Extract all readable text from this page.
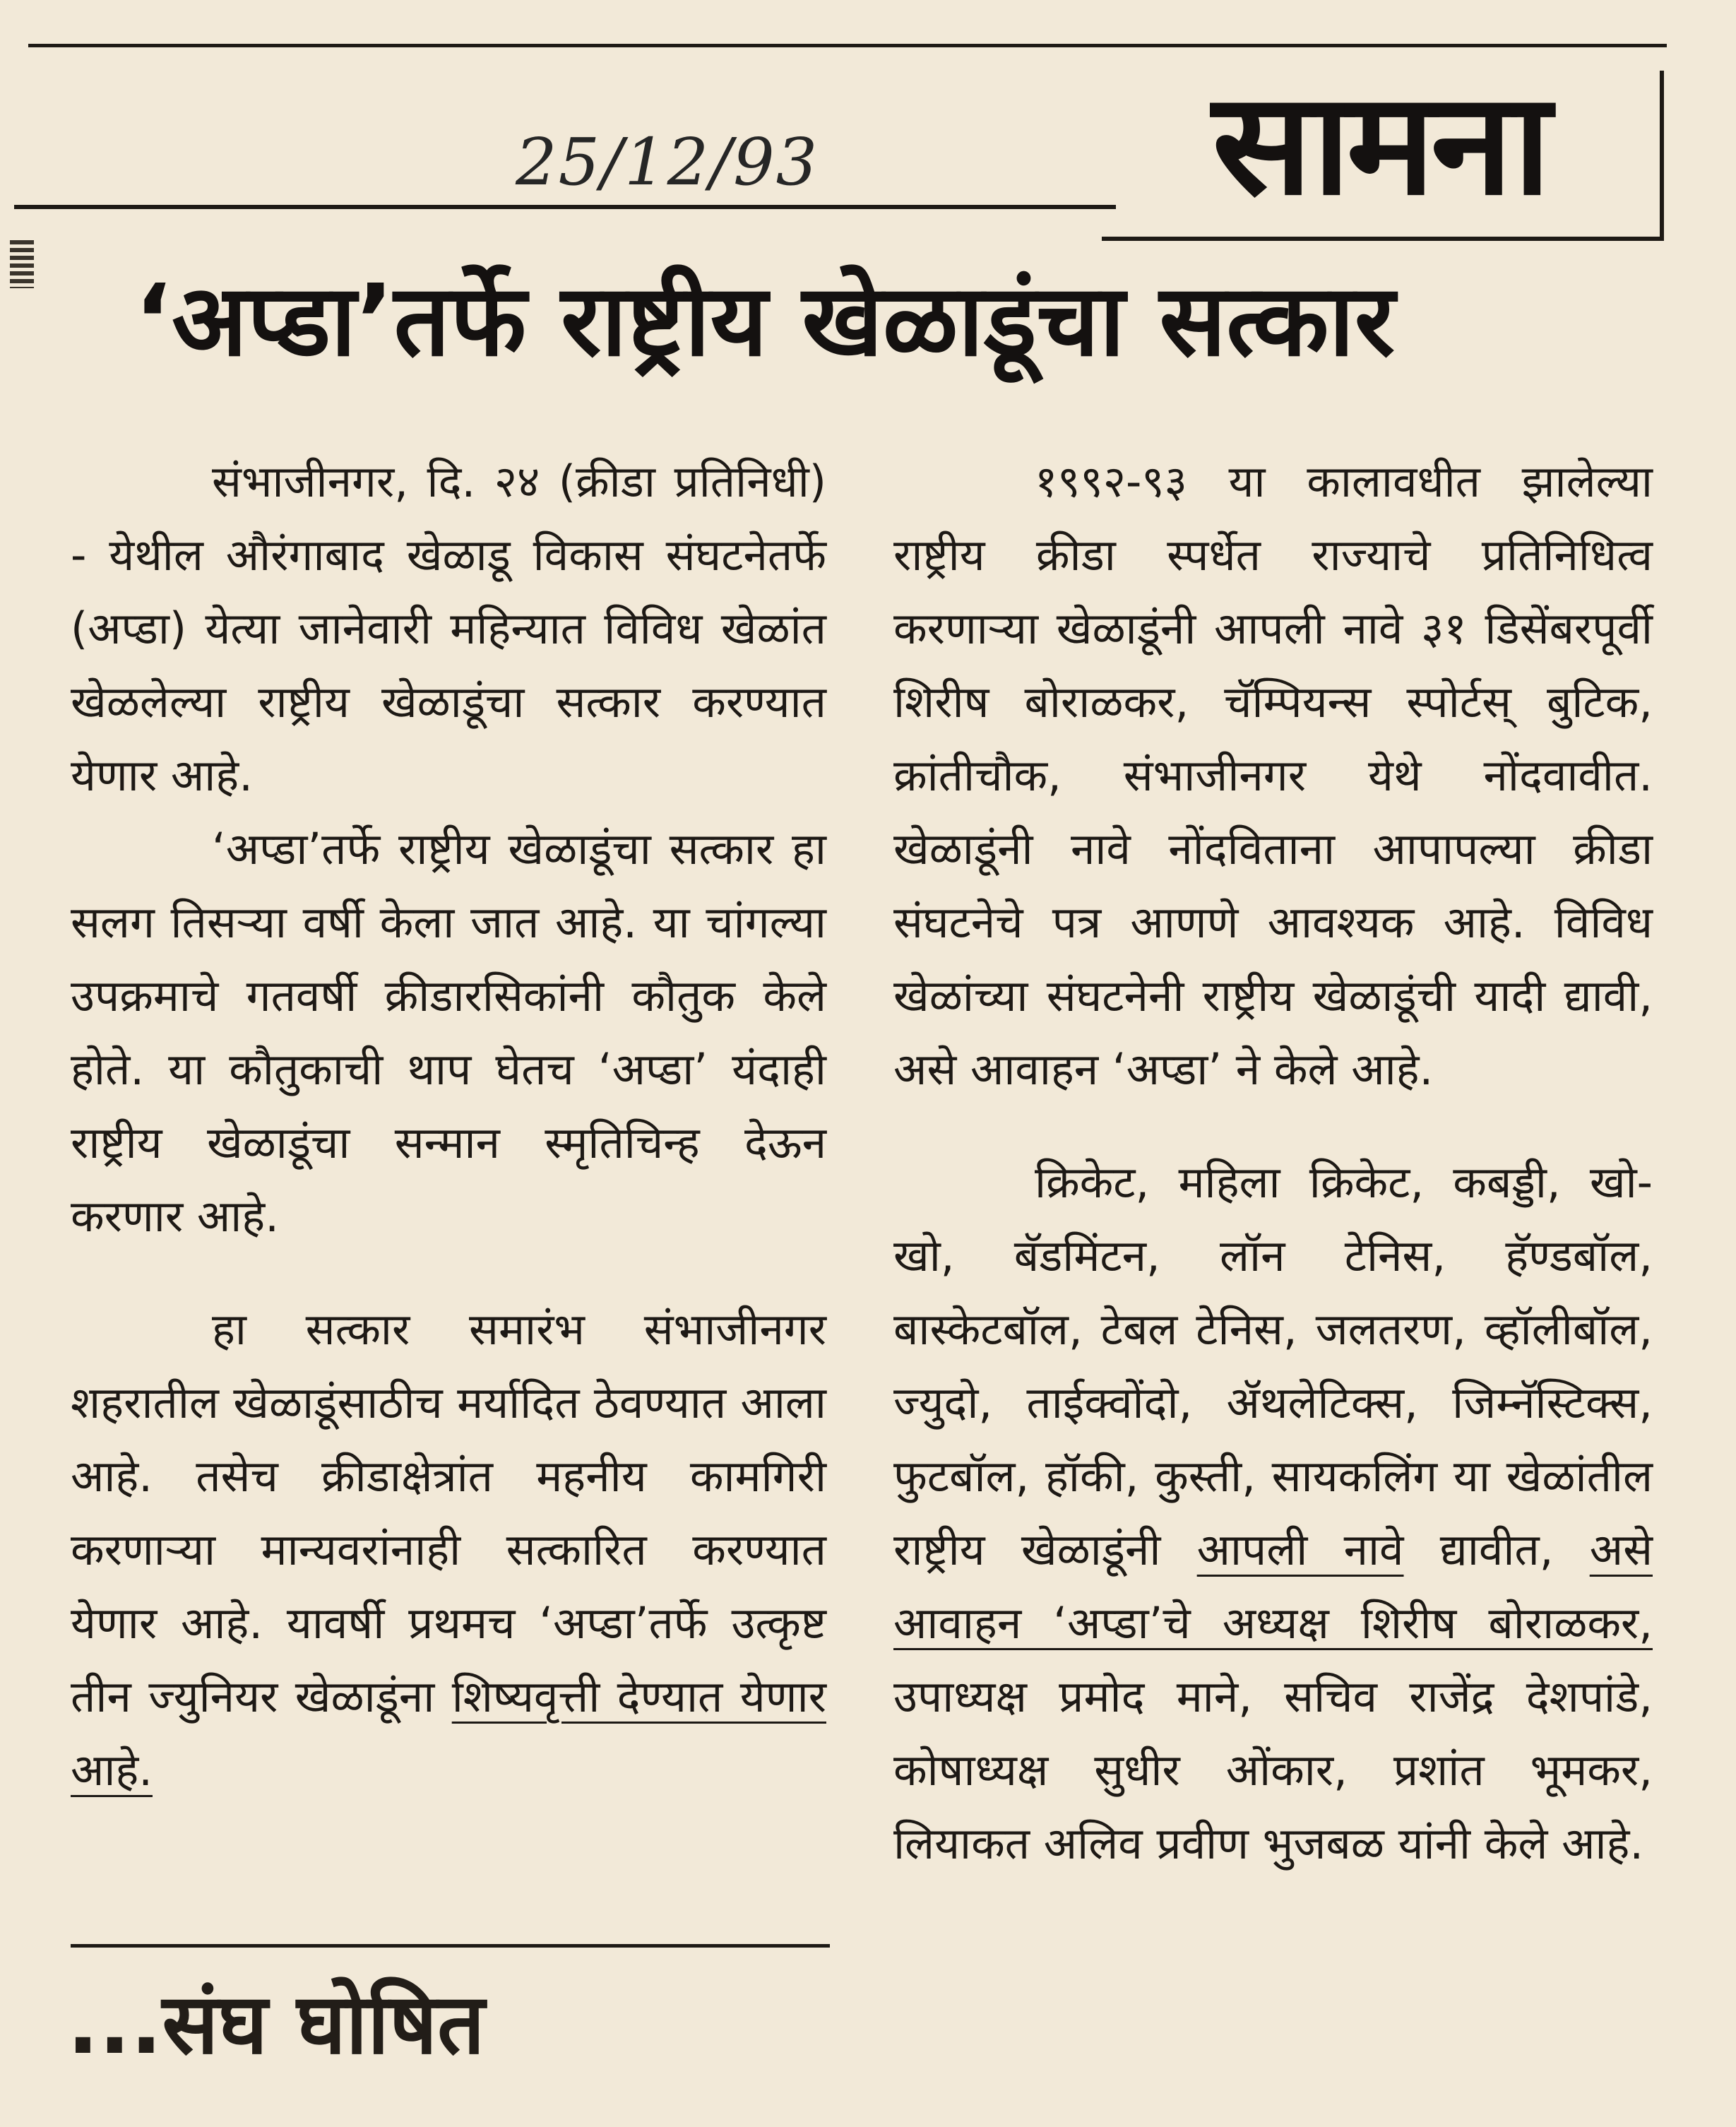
सामना
25/12/93
‘अप्डा’तर्फे राष्ट्रीय खेळाडूंचा सत्कार

संभाजीनगर, दि. २४ (क्रीडा प्रतिनिधी) - येथील औरंगाबाद खेळाडू विकास संघटनेतर्फे (अप्डा) येत्या जानेवारी महिन्यात विविध खेळांत खेळलेल्या राष्ट्रीय खेळाडूंचा सत्कार करण्यात येणार आहे.

‘अप्डा’तर्फे राष्ट्रीय खेळाडूंचा सत्कार हा सलग तिसऱ्या वर्षी केला जात आहे. या चांगल्या उपक्रमाचे गतवर्षी क्रीडारसिकांनी कौतुक केले होते. या कौतुकाची थाप घेतच ‘अप्डा’ यंदाही राष्ट्रीय खेळाडूंचा सन्मान स्मृतिचिन्ह देऊन करणार आहे.

हा सत्कार समारंभ संभाजीनगर शहरातील खेळाडूंसाठीच मर्यादित ठेवण्यात आला आहे. तसेच क्रीडाक्षेत्रांत महनीय कामगिरी करणाऱ्या मान्यवरांनाही सत्कारित करण्यात येणार आहे. यावर्षी प्रथमच ‘अप्डा’तर्फे उत्कृष्ट तीन ज्युनियर खेळाडूंना शिष्यवृत्ती देण्यात येणार आहे.

...संघ घोषित

१९९२-९३ या कालावधीत झालेल्या राष्ट्रीय क्रीडा स्पर्धेत राज्याचे प्रतिनिधित्व करणाऱ्या खेळाडूंनी आपली नावे ३१ डिसेंबरपूर्वी शिरीष बोराळकर, चॅम्पियन्स स्पोर्टस् बुटिक, क्रांतीचौक, संभाजीनगर येथे नोंदवावीत. खेळाडूंनी नावे नोंदविताना आपापल्या क्रीडा संघटनेचे पत्र आणणे आवश्यक आहे. विविध खेळांच्या संघटनेनी राष्ट्रीय खेळाडूंची यादी द्यावी, असे आवाहन ‘अप्डा’ ने केले आहे.

क्रिकेट, महिला क्रिकेट, कबड्डी, खो-खो, बॅडमिंटन, लॉन टेनिस, हॅण्डबॉल, बास्केटबॉल, टेबल टेनिस, जलतरण, व्हॉलीबॉल, ज्युदो, ताईक्वोंदो, ॲथलेटिक्स, जिम्नॅस्टिक्स, फुटबॉल, हॉकी, कुस्ती, सायकलिंग या खेळांतील राष्ट्रीय खेळाडूंनी आपली नावे द्यावीत, असे आवाहन ‘अप्डा’चे अध्यक्ष शिरीष बोराळकर, उपाध्यक्ष प्रमोद माने, सचिव राजेंद्र देशपांडे, कोषाध्यक्ष सुधीर ओंकार, प्रशांत भूमकर, लियाकत अलिव प्रवीण भुजबळ यांनी केले आहे.
